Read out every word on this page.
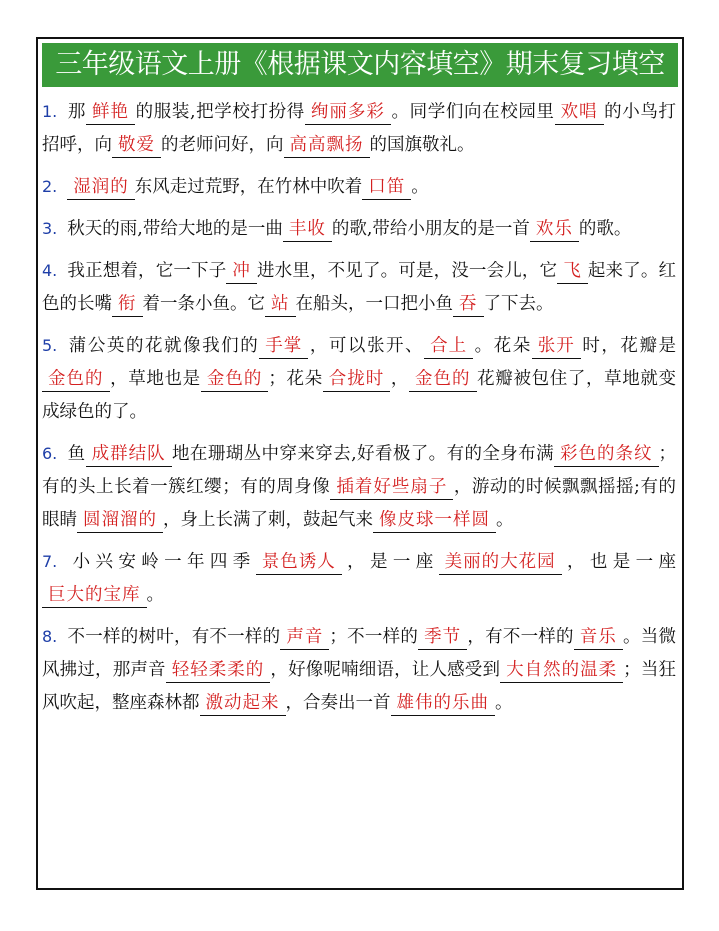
三年级语文上册《根据课文内容填空》期末复习填空
1. 那 鲜艳 的服装,把学校打扮得 绚丽多彩 。同学们向在校园里 欢唱 的小鸟打招呼，向 敬爱 的老师问好，向 高高飘扬 的国旗敬礼。
2. 湿润的 东风走过荒野，在竹林中吹着 口笛 。
3. 秋天的雨,带给大地的是一曲 丰收 的歌,带给小朋友的是一首 欢乐 的歌。
4. 我正想着，它一下子 冲 进水里，不见了。可是，没一会儿，它 飞 起来了。红色的长嘴 衔 着一条小鱼。它 站 在船头，一口把小鱼 吞 了下去。
5. 蒲公英的花就像我们的 手掌 ，可以张开、 合上 。花朵 张开 时，花瓣是金色的 ，草地也是 金色的 ；花朵 合拢时 ， 金色的 花瓣被包住了，草地就变成绿色的了。
6. 鱼 成群结队 地在珊瑚丛中穿来穿去,好看极了。有的全身布满 彩色的条纹 ；有的头上长着一簇红缨；有的周身像 插着好些扇子 ，游动的时候飘飘摇摇;有的眼睛 圆溜溜的 ，身上长满了刺，鼓起气来 像皮球一样圆 。
7. 小兴安岭一年四季 景色诱人 ，是一座 美丽的大花园 ，也是一座巨大的宝库 。
8. 不一样的树叶，有不一样的 声音 ；不一样的 季节 ，有不一样的 音乐 。当微风拂过，那声音 轻轻柔柔的 ，好像呢喃细语，让人感受到 大自然的温柔 ；当狂风吹起，整座森林都 激动起来 ，合奏出一首 雄伟的乐曲 。
